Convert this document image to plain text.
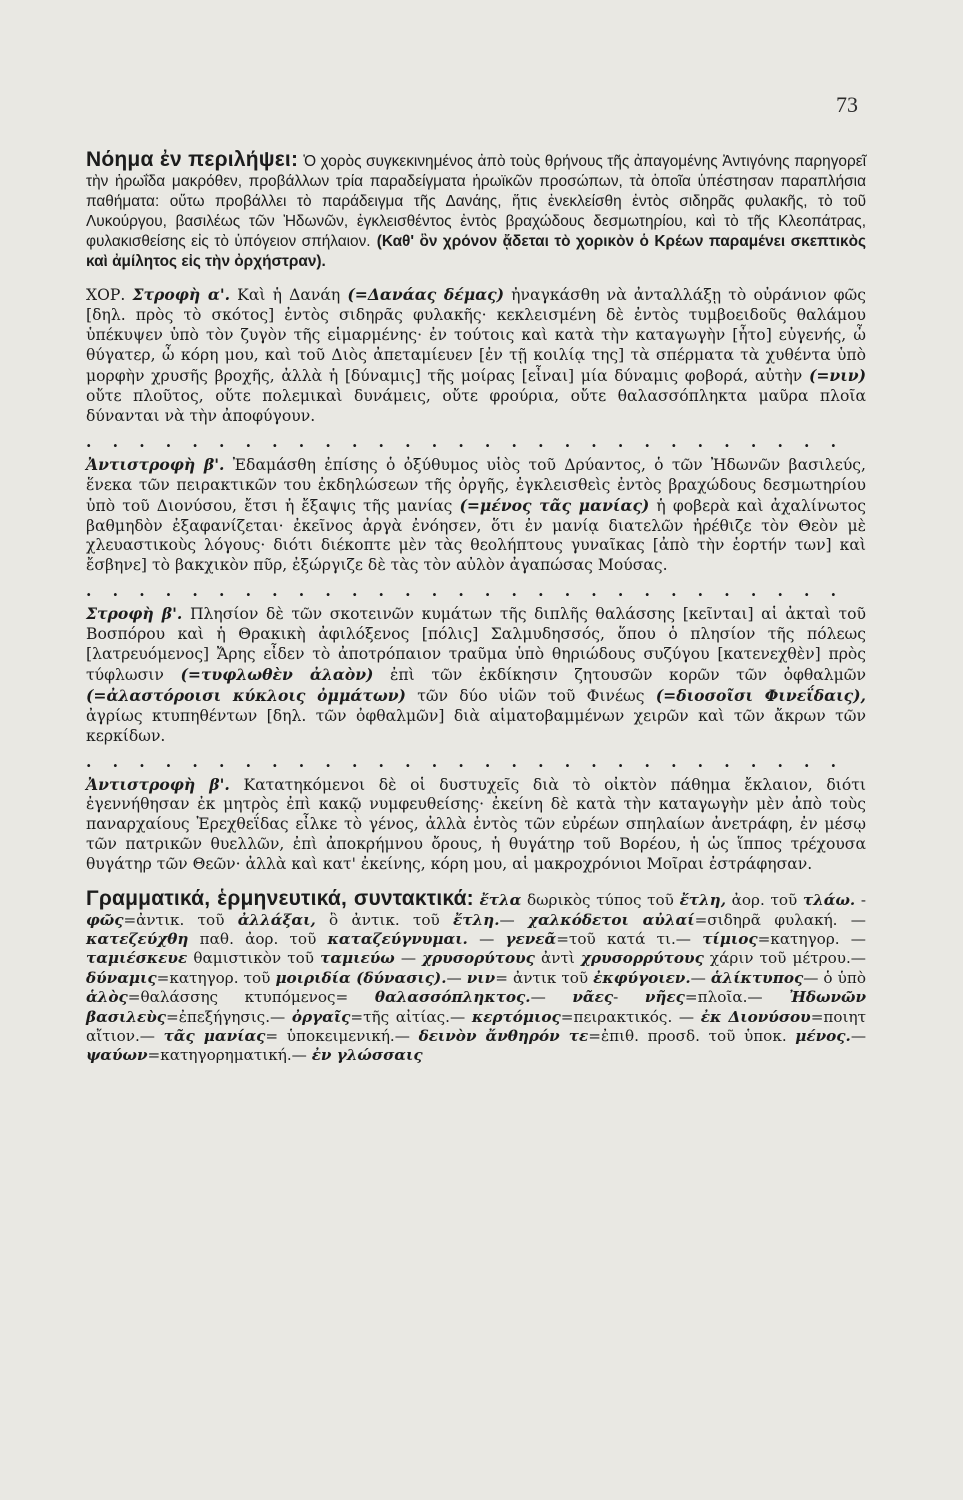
73

Νόημα ἐν περιλήψει: Ὁ χορὸς συγκεκινημένος ἀπὸ τοὺς θρήνους τῆς ἀπαγομένης Ἀντιγόνης παρηγορεῖ τὴν ἡρωΐδα μακρόθεν, προβάλλων τρία παραδείγματα ἡρωϊκῶν προσώπων, τὰ ὁποῖα ὑπέστησαν παραπλήσια παθήματα: οὕτω προβάλλει τὸ παράδειγμα τῆς Δανάης, ἥτις ἐνεκλείσθη ἐντὸς σιδηρᾶς φυλακῆς, τὸ τοῦ Λυκούργου, βασιλέως τῶν Ἠδωνῶν, ἐγκλεισθέντος ἐντὸς βραχώδους δεσμωτηρίου, καὶ τὸ τῆς Κλεοπάτρας, φυλακισθείσης εἰς τὸ ὑπόγειον σπήλαιον. (Καθ' ὃν χρόνον ᾄδεται τὸ χορικὸν ὁ Κρέων παραμένει σκεπτικὸς καὶ ἀμίλητος εἰς τὴν ὀρχήστραν).

ΧΟΡ. Στροφὴ α'. Καὶ ἡ Δανάη (=Δανάας δέμας) ἠναγκάσθη νὰ ἀνταλλάξῃ τὸ οὐράνιον φῶς [δηλ. πρὸς τὸ σκότος] ἐντὸς σιδηρᾶς φυλακῆς· κεκλεισμένη δὲ ἐντὸς τυμβοειδοῦς θαλάμου ὑπέκυψεν ὑπὸ τὸν ζυγὸν τῆς εἱμαρμένης· ἐν τούτοις καὶ κατὰ τὴν καταγωγὴν [ἦτο] εὐγενής, ὦ θύγατερ, ὦ κόρη μου, καὶ τοῦ Διὸς ἀπεταμίευεν [ἐν τῇ κοιλίᾳ της] τὰ σπέρματα τὰ χυθέντα ὑπὸ μορφὴν χρυσῆς βροχῆς, ἀλλὰ ἡ [δύναμις] τῆς μοίρας [εἶναι] μία δύναμις φοβορά, αὐτὴν (=νιν) οὔτε πλοῦτος, οὔτε πολεμικαὶ δυνάμεις, οὔτε φρούρια, οὔτε θαλασσόπληκτα μαῦρα πλοῖα δύνανται νὰ τὴν ἀποφύγουν.

. . . . . . . . . . . . . . . . . . . . . . . . . . . . .

Ἀντιστροφὴ β'. Ἐδαμάσθη ἐπίσης ὁ ὀξύθυμος υἱὸς τοῦ Δρύαντος, ὁ τῶν Ἠδωνῶν βασιλεύς, ἕνεκα τῶν πειρακτικῶν του ἐκδηλώσεων τῆς ὀργῆς, ἐγκλεισθεὶς ἐντὸς βραχώδους δεσμωτηρίου ὑπὸ τοῦ Διονύσου, ἔτσι ἡ ἔξαψις τῆς μανίας (=μένος τᾶς μανίας) ἡ φοβερὰ καὶ ἀχαλίνωτος βαθμηδὸν ἐξαφανίζεται· ἐκεῖνος ἀργὰ ἐνόησεν, ὅτι ἐν μανίᾳ διατελῶν ἠρέθιζε τὸν Θεὸν μὲ χλευαστικοὺς λόγους· διότι διέκοπτε μὲν τὰς θεολήπτους γυναῖκας [ἀπὸ τὴν ἑορτήν των] καὶ ἔσβηνε] τὸ βακχικὸν πῦρ, ἐξώργιζε δὲ τὰς τὸν αὐλὸν ἀγαπώσας Μούσας.

. . . . . . . . . . . . . . . . . . . . . . . . . . . . .

Στροφὴ β'. Πλησίον δὲ τῶν σκοτεινῶν κυμάτων τῆς διπλῆς θαλάσσης [κεῖνται] αἱ ἀκταὶ τοῦ Βοσπόρου καὶ ἡ Θρακικὴ ἀφιλόξενος [πόλις] Σαλμυδησσός, ὅπου ὁ πλησίον τῆς πόλεως [λατρευόμενος] Ἄρης εἶδεν τὸ ἀποτρόπαιον τραῦμα ὑπὸ θηριώδους συζύγου [κατενεχθὲν] πρὸς τύφλωσιν (=τυφλωθὲν ἀλαὸν) ἐπὶ τῶν ἐκδίκησιν ζητουσῶν κορῶν τῶν ὀφθαλμῶν (=ἀλαστόροισι κύκλοις ὀμμάτων) τῶν δύο υἱῶν τοῦ Φινέως (=διοσοῖσι Φινεΐδαις), ἀγρίως κτυπηθέντων [δηλ. τῶν ὀφθαλμῶν] διὰ αἱματοβαμμένων χειρῶν καὶ τῶν ἄκρων τῶν κερκίδων.

. . . . . . . . . . . . . . . . . . . . . . . . . . . . .

Ἀντιστροφὴ β'. Κατατηκόμενοι δὲ οἱ δυστυχεῖς διὰ τὸ οἰκτὸν πάθημα ἔκλαιον, διότι ἐγεννήθησαν ἐκ μητρὸς ἐπὶ κακῷ νυμφευθείσης· ἐκείνη δὲ κατὰ τὴν καταγωγὴν μὲν ἀπὸ τοὺς παναρχαίους Ἐρεχθεΐδας εἶλκε τὸ γένος, ἀλλὰ ἐντὸς τῶν εὐρέων σπηλαίων ἀνετράφη, ἐν μέσῳ τῶν πατρικῶν θυελλῶν, ἐπὶ ἀποκρήμνου ὄρους, ἡ θυγάτηρ τοῦ Βορέου, ἡ ὡς ἵππος τρέχουσα θυγάτηρ τῶν Θεῶν· ἀλλὰ καὶ κατ' ἐκείνης, κόρη μου, αἱ μακροχρόνιοι Μοῖραι ἐστράφησαν.

Γραμματικά, ἑρμηνευτικά, συντακτικά: ἔτλα δωρικὸς τύπος τοῦ ἔτλη, ἀορ. τοῦ τλάω. - φῶς=ἀντικ. τοῦ ἀλλάξαι, ὃ ἀντικ. τοῦ ἔτλη.— χαλκόδετοι αὐλαί=σιδηρᾶ φυλακή. — κατεζεύχθη παθ. ἀορ. τοῦ καταζεύγνυμαι. — γενεᾶ=τοῦ κατά τι.— τίμιος=κατηγορ. — ταμιέσκευε θαμιστικὸν τοῦ ταμιεύω — χρυσορύτους ἀντὶ χρυσορρύτους χάριν τοῦ μέτρου.— δύναμις=κατηγορ. τοῦ μοιριδία (δύνασις).— νιν= ἀντικ τοῦ ἐκφύγοιεν.— ἁλίκτυπος— ὁ ὑπὸ ἁλὸς=θαλάσσης κτυπόμενος= θαλασσόπληκτος.— νᾶες- νῆες=πλοῖα.— Ἠδωνῶν βασιλεὺς=ἐπεξήγησις.— ὀργαῖς=τῆς αἰτίας.— κερτόμιος=πειρακτικός. — ἐκ Διονύσου=ποιητ αἴτιον.— τᾶς μανίας= ὑποκειμενική.— δεινὸν ἄνθηρόν τε=ἐπιθ. προσδ. τοῦ ὑποκ. μένος.— ψαύων=κατηγορηματική.— ἐν γλώσσαις
